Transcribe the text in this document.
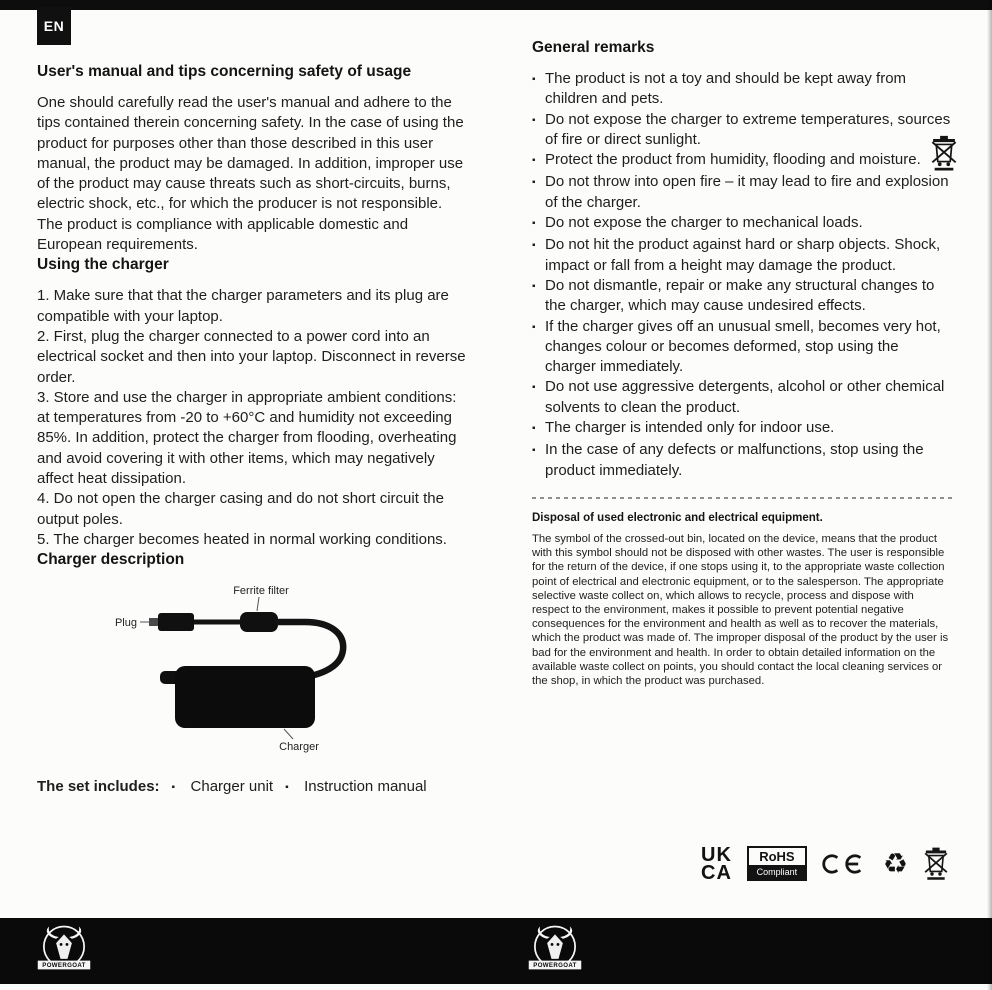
EN
User's manual and tips concerning safety of usage

One should carefully read the user's manual and adhere to the tips contained therein concerning safety. In the case of using the product for purposes other than those described in this user manual, the product may be damaged. In addition, improper use of the product may cause threats such as short-circuits, burns, electric shock, etc., for which the producer is not responsible. The product is compliance with applicable domestic and European requirements.

Using the charger

1. Make sure that that the charger parameters and its plug are compatible with your laptop.

2. First, plug the charger connected to a power cord into an electrical socket and then into your laptop. Disconnect in reverse order.

3. Store and use the charger in appropriate ambient conditions: at temperatures from -20 to +60°C and humidity not exceeding 85%. In addition, protect the charger from flooding, overheating and avoid covering it with other items, which may negatively affect heat dissipation.

4. Do not open the charger casing and do not short circuit the output poles.

5. The charger becomes heated in normal working conditions.

Charger description
Ferrite filter
Plug
Charger
The set includes: ▪ Charger unit ▪ Instruction manual
General remarks
▪
The product is not a toy and should be kept away from children and pets.
▪
Do not expose the charger to extreme temperatures, sources of fire or direct sunlight.
▪
Protect the product from humidity, flooding and moisture.
▪
Do not throw into open fire – it may lead to fire and explosion of the charger.
▪
Do not expose the charger to mechanical loads.
▪
Do not hit the product against hard or sharp objects. Shock, impact or fall from a height may damage the product.
▪
Do not dismantle, repair or make any structural changes to the charger, which may cause undesired effects.
▪
If the charger gives off an unusual smell, becomes very hot, changes colour or becomes deformed, stop using the charger immediately.
▪
Do not use aggressive detergents, alcohol or other chemical solvents to clean the product.
▪
The charger is intended only for indoor use.
▪
In the case of any defects or malfunctions, stop using the product immediately.
Disposal of used electronic and electrical equipment.

The symbol of the crossed-out bin, located on the device, means that the product with this symbol should not be disposed with other wastes. The user is responsible for the return of the device, if one stops using it, to the appropriate waste collection point of electrical and electronic equipment, or to the salesperson. The appropriate selective waste collect on, which allows to recycle, process and dispose with respect to the environment, makes it possible to prevent potential negative consequences for the environment and health as well as to recover the materials, which the product was made of. The improper disposal of the product by the user is bad for the environment and health. In order to obtain detailed information on the available waste collect on points, you should contact the local cleaning services or the shop, in which the product was purchased.

UK
CA
RoHS
Compliant	♻
POWERGOAT	POWERGOAT
